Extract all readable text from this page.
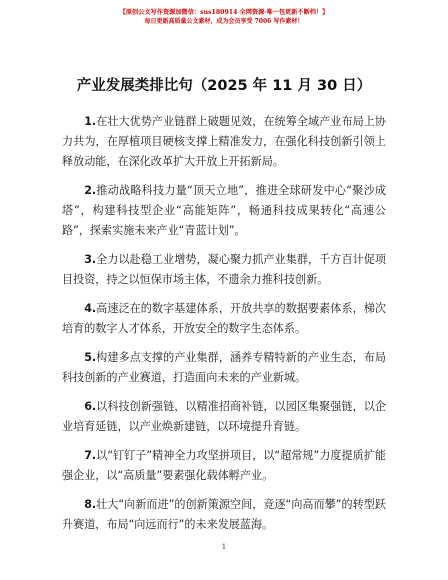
【原创公文写作资源加微信：sus180914 全网资源·唯一包更新不断档！】
每日更新高质量公文素材，成为会员享受 7006 写作素材！
产业发展类排比句（2025 年 11 月 30 日）

1.在壮大优势产业链群上破题见效，在统筹全域产业布局上协力共为，在厚植项目硬核支撑上精准发力，在强化科技创新引领上释放动能，在深化改革扩大开放上开拓新局。

2.推动战略科技力量“顶天立地”，推进全球研发中心“聚沙成塔”，构建科技型企业“高能矩阵”，畅通科技成果转化“高速公路”，探索实施未来产业“青蓝计划”。

3.全力以赴稳工业增势，凝心聚力抓产业集群，千方百计促项目投资，持之以恒保市场主体，不遗余力推科技创新。

4.高速泛在的数字基建体系，开放共享的数据要素体系，梯次培育的数字人才体系，开放安全的数字生态体系。

5.构建多点支撑的产业集群，涵养专精特新的产业生态，布局科技创新的产业赛道，打造面向未来的产业新城。

6.以科技创新强链，以精准招商补链，以园区集聚强链，以企业培育延链，以产业焕新建链，以环境提升育链。

7.以“钉钉子”精神全力攻坚拼项目，以“超常规”力度提质扩能强企业，以“高质量”要素强化载体孵产业。

8.壮大“向新而进”的创新策源空间，竞逐“向高而攀”的转型跃升赛道，布局“向远而行”的未来发展蓝海。

1
